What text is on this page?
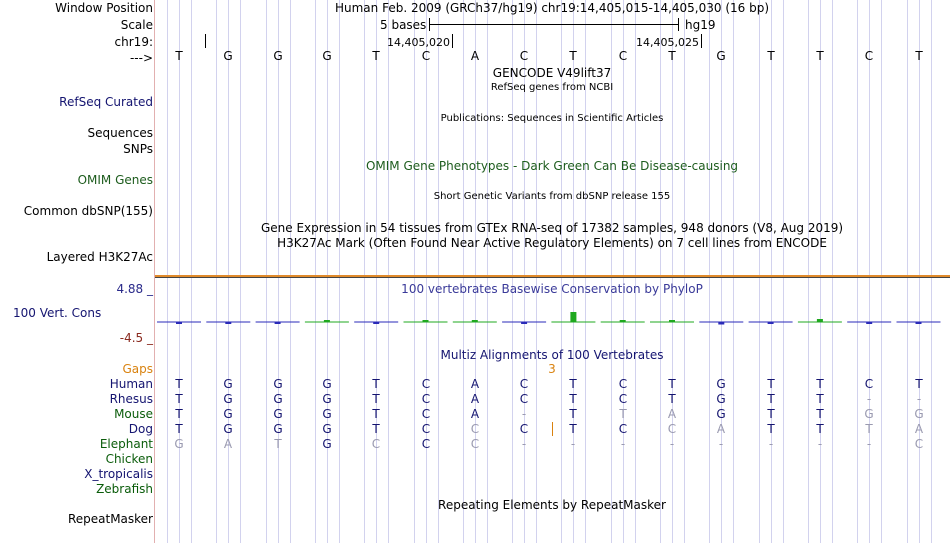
Window Position	Human Feb. 2009 (GRCh37/hg19) chr19:14,405,015-14,405,030 (16 bp)
Scale	5 bases	hg19
chr19:	14,405,020	14,405,025
---> T	G	G	G	T	C	A	C	T	C	T	G	T	T	C	T
GENCODE V49lift37
RefSeq Curated
RefSeq genes from NCBI
Sequences
Publications: Sequences in Scientific Articles
SNPs
OMIM Gene Phenotypes - Dark Green Can Be Disease-causing
OMIM Genes
Short Genetic Variants from dbSNP release 155
Common dbSNP(155)
Gene Expression in 54 tissues from GTEx RNA-seq of 17382 samples, 948 donors (V8, Aug 2019)
H3K27Ac Mark (Often Found Near Active Regulatory Elements) on 7 cell lines from ENCODE
Layered H3K27Ac
4.88 _	100 vertebrates Basewise Conservation by PhyloP
100 Vert. Cons
-4.5 _
Multiz Alignments of 100 Vertebrates
Gaps	3
Human T	G	G	G	T	C	A	C	T	C	T	G	T	T	C	T
Rhesus T	G	G	G	T	C	A	C	T	C	T	G	T	T	-	-
Mouse T	G	G	G	T	C	A	-	T	T	A	G	T	T	G	G
Dog T	G	G	G	T	C	C	C	T	C	C	A	T	T	T	A
Elephant G	A	T	G	C	C	C	-	-	-	-	-	-	-	-	C
Chicken
X_tropicalis
Zebrafish
Repeating Elements by RepeatMasker
RepeatMasker
